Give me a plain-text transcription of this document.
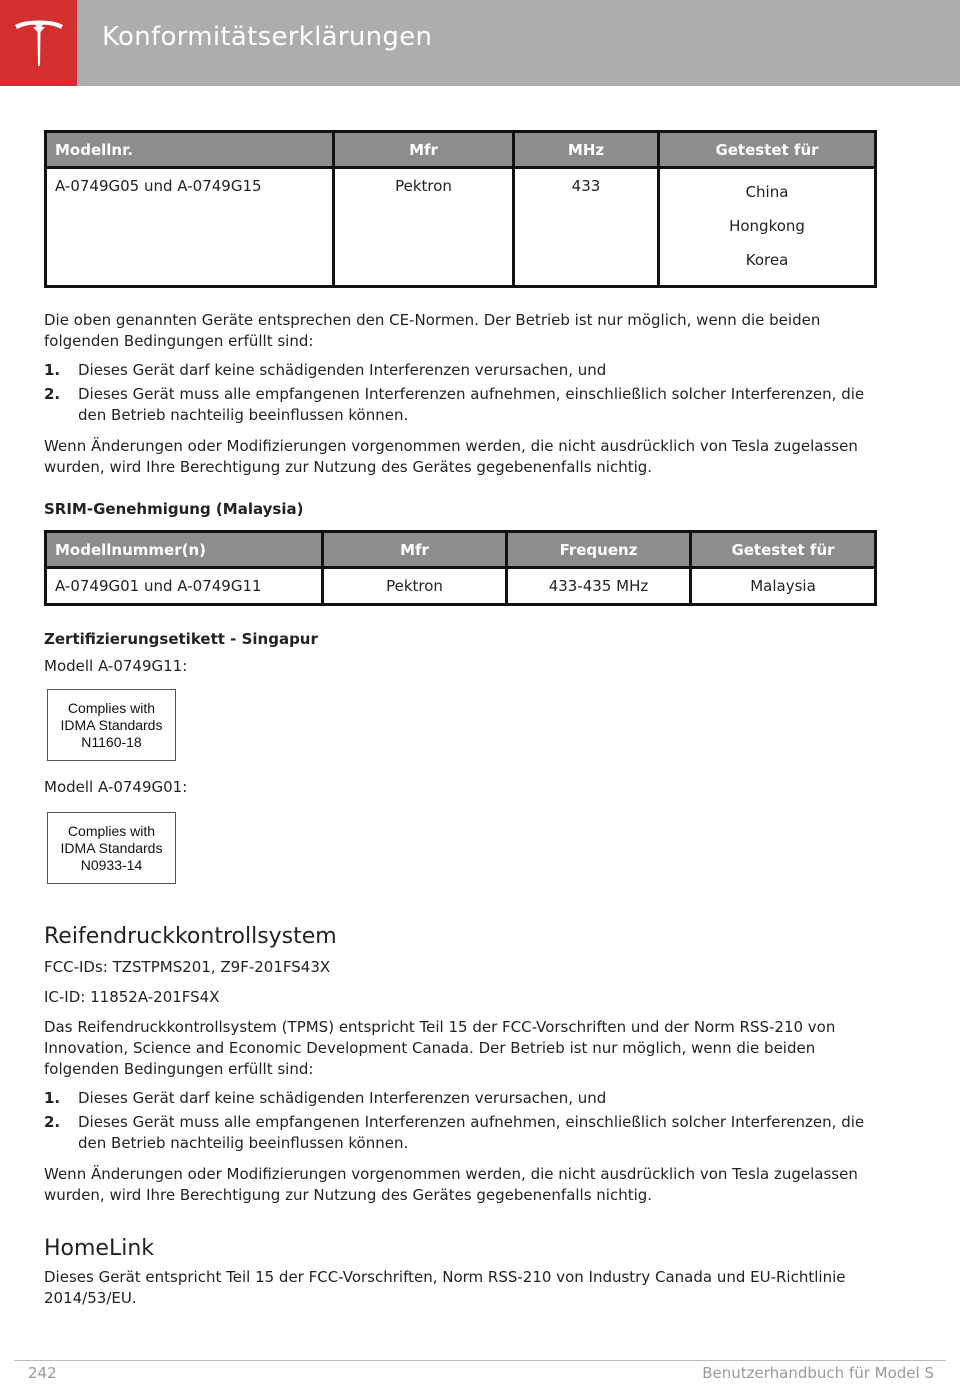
Konformitätserklärungen
Modellnr.	Mfr	MHz	Getestet für
A-0749G05 und A-0749G15	Pektron	433	China
Hongkong
Korea

Die oben genannten Geräte entsprechen den CE-Normen. Der Betrieb ist nur möglich, wenn die beiden folgenden Bedingungen erfüllt sind:

1. Dieses Gerät darf keine schädigenden Interferenzen verursachen, und
2. Dieses Gerät muss alle empfangenen Interferenzen aufnehmen, einschließlich solcher Interferenzen, die den Betrieb nachteilig beeinflussen können.

Wenn Änderungen oder Modifizierungen vorgenommen werden, die nicht ausdrücklich von Tesla zugelassen wurden, wird Ihre Berechtigung zur Nutzung des Gerätes gegebenenfalls nichtig.

SRIM-Genehmigung (Malaysia)
Modellnummer(n)	Mfr	Frequenz	Getestet für
A-0749G01 und A-0749G11	Pektron	433-435 MHz	Malaysia
Zertifizierungsetikett - Singapur

Modell A-0749G11:

Complies with
IDMA Standards
N1160-18

Modell A-0749G01:

Complies with
IDMA Standards
N0933-14
Reifendruckkontrollsystem

FCC-IDs: TZSTPMS201, Z9F-201FS43X

IC-ID: 11852A-201FS4X

Das Reifendruckkontrollsystem (TPMS) entspricht Teil 15 der FCC-Vorschriften und der Norm RSS-210 von Innovation, Science and Economic Development Canada. Der Betrieb ist nur möglich, wenn die beiden folgenden Bedingungen erfüllt sind:

1. Dieses Gerät darf keine schädigenden Interferenzen verursachen, und
2. Dieses Gerät muss alle empfangenen Interferenzen aufnehmen, einschließlich solcher Interferenzen, die den Betrieb nachteilig beeinflussen können.

Wenn Änderungen oder Modifizierungen vorgenommen werden, die nicht ausdrücklich von Tesla zugelassen wurden, wird Ihre Berechtigung zur Nutzung des Gerätes gegebenenfalls nichtig.

HomeLink

Dieses Gerät entspricht Teil 15 der FCC-Vorschriften, Norm RSS-210 von Industry Canada und EU-Richtlinie 2014/53/EU.

242	Benutzerhandbuch für Model S
